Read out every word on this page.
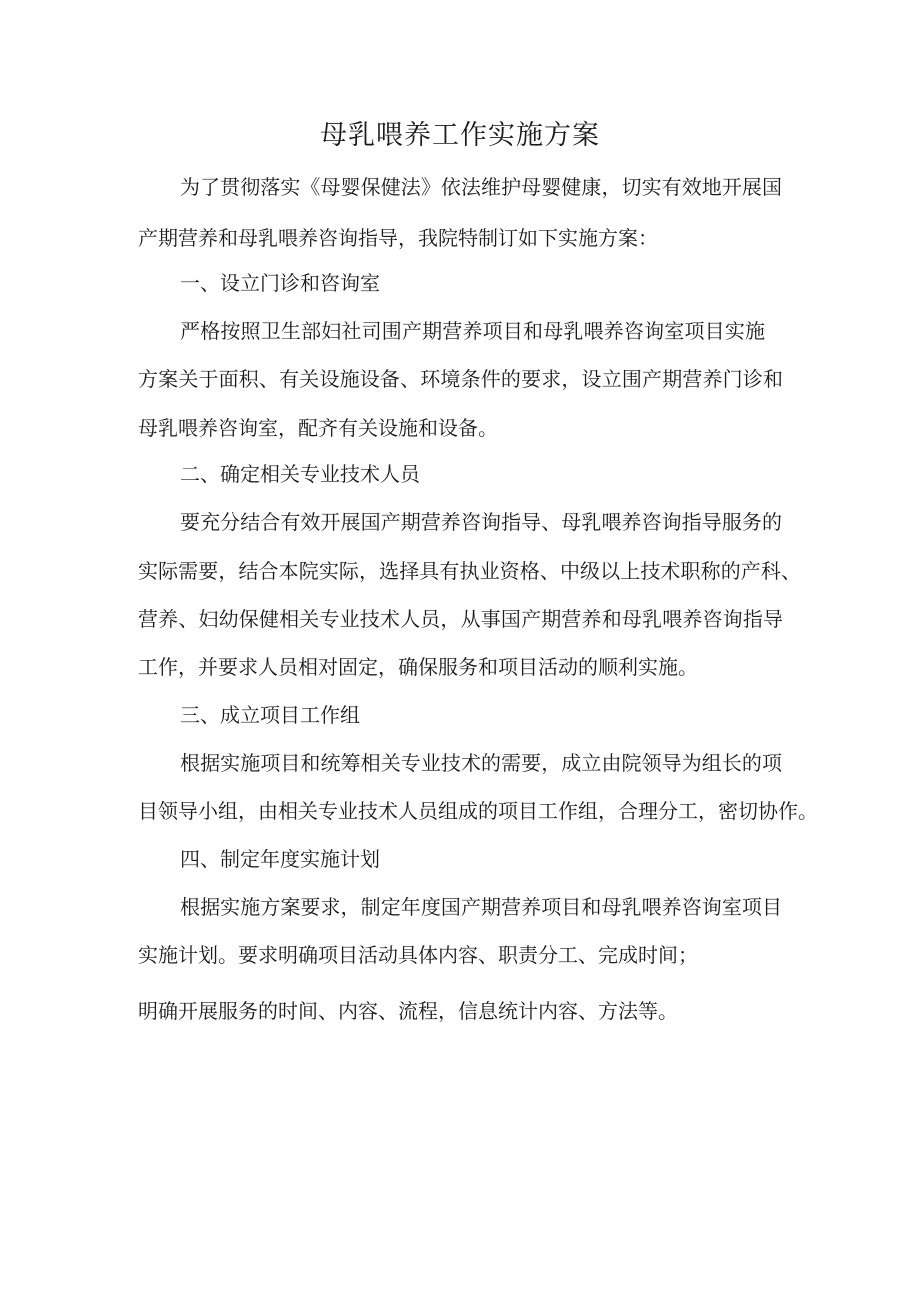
母乳喂养工作实施方案
为了贯彻落实《母婴保健法》依法维护母婴健康，切实有效地开展国
产期营养和母乳喂养咨询指导，我院特制订如下实施方案：
一、设立门诊和咨询室
严格按照卫生部妇社司围产期营养项目和母乳喂养咨询室项目实施
方案关于面积、有关设施设备、环境条件的要求，设立围产期营养门诊和
母乳喂养咨询室，配齐有关设施和设备。
二、确定相关专业技术人员
要充分结合有效开展国产期营养咨询指导、母乳喂养咨询指导服务的
实际需要，结合本院实际，选择具有执业资格、中级以上技术职称的产科、
营养、妇幼保健相关专业技术人员，从事国产期营养和母乳喂养咨询指导
工作，并要求人员相对固定，确保服务和项目活动的顺利实施。
三、成立项目工作组
根据实施项目和统筹相关专业技术的需要，成立由院领导为组长的项
目领导小组，由相关专业技术人员组成的项目工作组，合理分工，密切协作。
四、制定年度实施计划
根据实施方案要求，制定年度国产期营养项目和母乳喂养咨询室项目
实施计划。要求明确项目活动具体内容、职责分工、完成时间；
明确开展服务的时间、内容、流程，信息统计内容、方法等。
